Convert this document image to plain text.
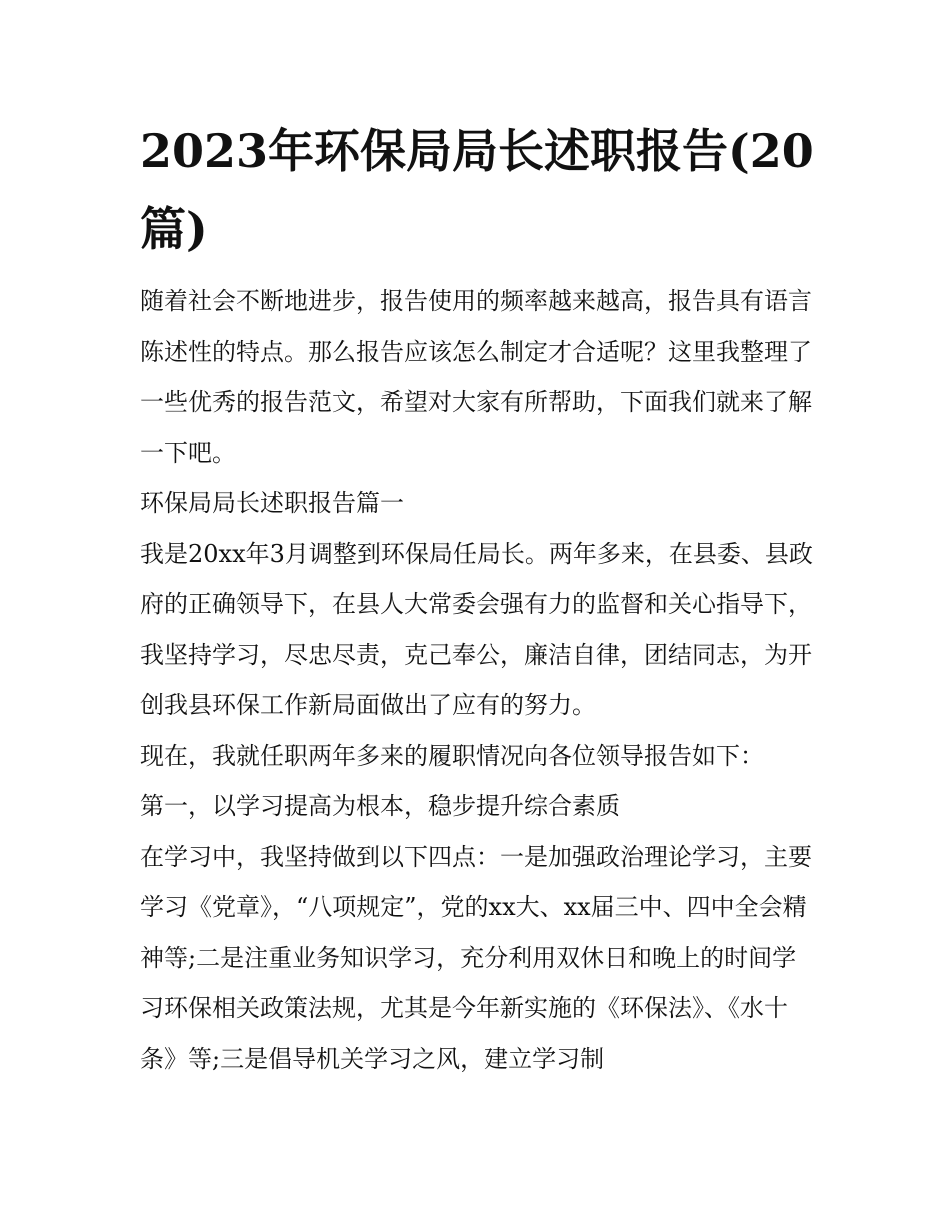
2023年环保局局长述职报告(20篇)

随着社会不断地进步，报告使用的频率越来越高，报告具有语言陈述性的特点。那么报告应该怎么制定才合适呢？这里我整理了一些优秀的报告范文，希望对大家有所帮助，下面我们就来了解一下吧。

环保局局长述职报告篇一

我是20xx年3月调整到环保局任局长。两年多来，在县委、县政府的正确领导下，在县人大常委会强有力的监督和关心指导下，我坚持学习，尽忠尽责，克己奉公，廉洁自律，团结同志，为开创我县环保工作新局面做出了应有的努力。

现在，我就任职两年多来的履职情况向各位领导报告如下：

第一，以学习提高为根本，稳步提升综合素质

在学习中，我坚持做到以下四点：一是加强政治理论学习，主要学习《党章》，“八项规定”，党的xx大、xx届三中、四中全会精神等;二是注重业务知识学习，充分利用双休日和晚上的时间学习环保相关政策法规，尤其是今年新实施的《环保法》、《水十条》等;三是倡导机关学习之风，建立学习制
